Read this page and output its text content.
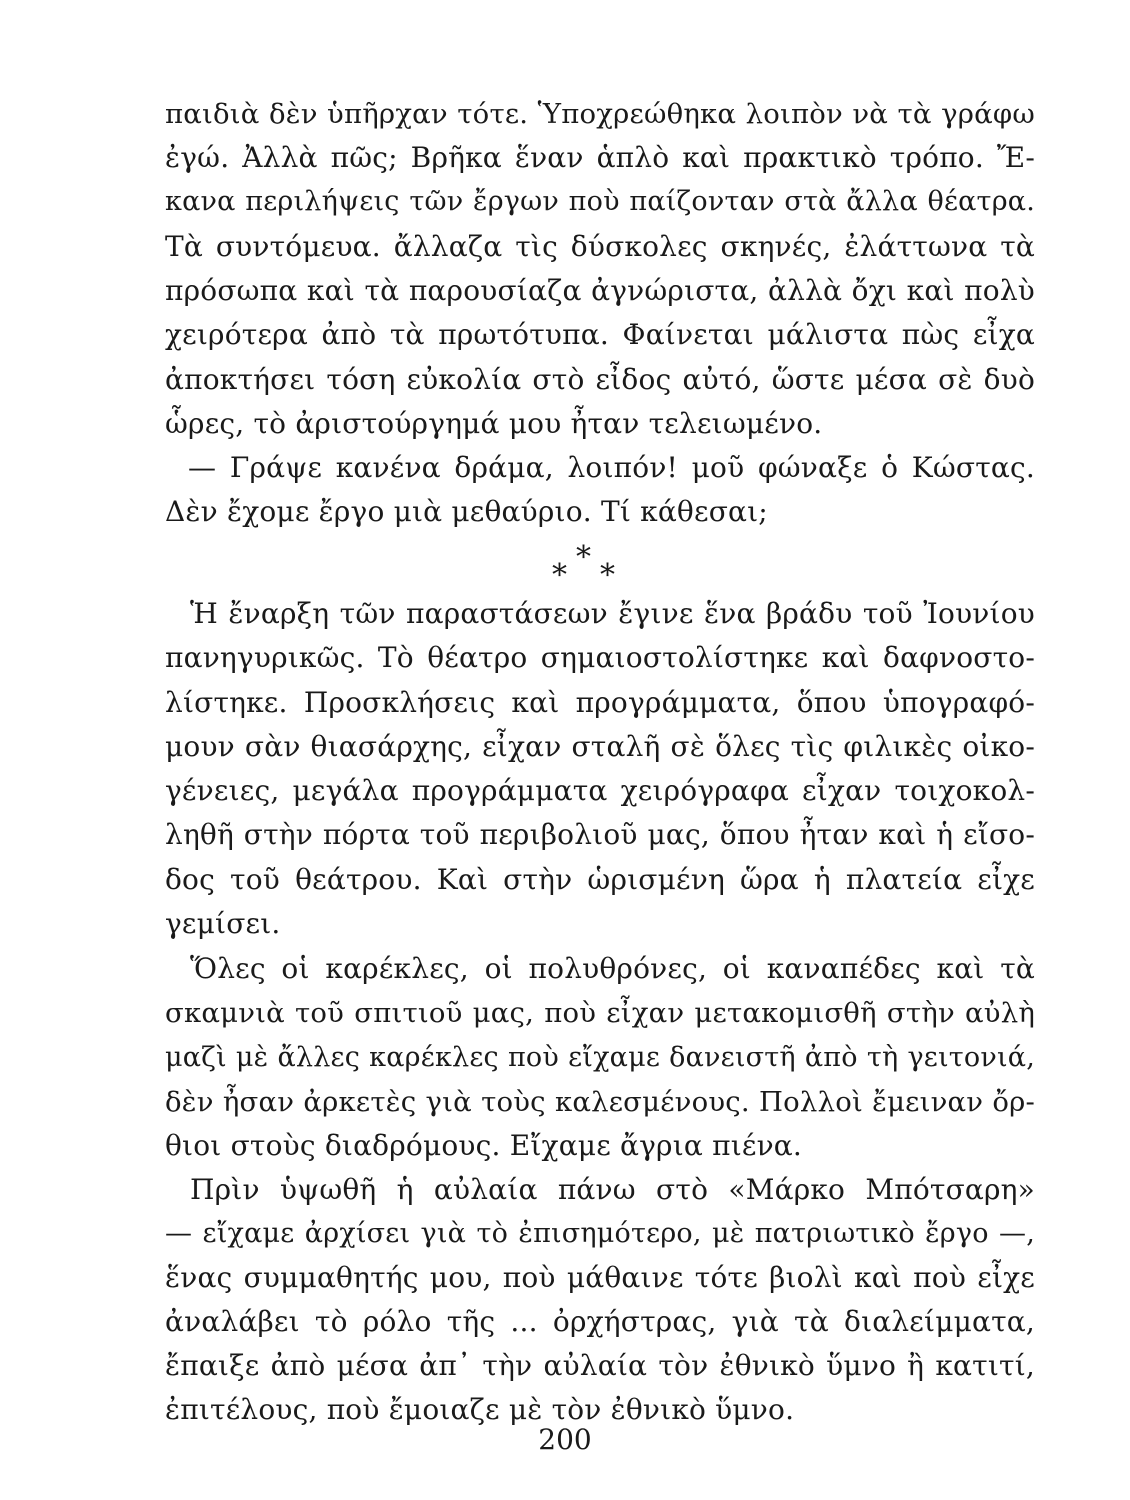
παιδιὰ δὲν ὑπῆρχαν τότε. Ὑποχρεώθηκα λοιπὸν νὰ τὰ γράφω
ἐγώ. Ἀλλὰ πῶς; Βρῆκα ἕναν ἁπλὸ καὶ πρακτικὸ τρόπο. Ἔ-
κανα περιλήψεις τῶν ἔργων ποὺ παίζονταν στὰ ἄλλα θέατρα.
Τὰ συντόμευα. ἄλλαζα τὶς δύσκολες σκηνές, ἐλάττωνα τὰ
πρόσωπα καὶ τὰ παρουσίαζα ἀγνώριστα, ἀλλὰ ὄχι καὶ πολὺ
χειρότερα ἀπὸ τὰ πρωτότυπα. Φαίνεται μάλιστα πὼς εἶχα
ἀποκτήσει τόση εὐκολία στὸ εἶδος αὐτό, ὥστε μέσα σὲ δυὸ
ὧρες, τὸ ἀριστούργημά μου ἦταν τελειωμένο.
— Γράψε κανένα δράμα, λοιπόν! μοῦ φώναξε ὁ Κώστας.
Δὲν ἔχομε ἔργο μιὰ μεθαύριο. Τί κάθεσαι;
*
* *
Ἡ ἔναρξη τῶν παραστάσεων ἔγινε ἕνα βράδυ τοῦ Ἰουνίου
πανηγυρικῶς. Τὸ θέατρο σημαιοστολίστηκε καὶ δαφνοστο-
λίστηκε. Προσκλήσεις καὶ προγράμματα, ὅπου ὑπογραφό-
μουν σὰν θιασάρχης, εἶχαν σταλῆ σὲ ὅλες τὶς φιλικὲς οἰκο-
γένειες, μεγάλα προγράμματα χειρόγραφα εἶχαν τοιχοκολ-
ληθῆ στὴν πόρτα τοῦ περιβολιοῦ μας, ὅπου ἦταν καὶ ἡ εἴσο-
δος τοῦ θεάτρου. Καὶ στὴν ὡρισμένη ὥρα ἡ πλατεία εἶχε
γεμίσει.
Ὅλες οἱ καρέκλες, οἱ πολυθρόνες, οἱ καναπέδες καὶ τὰ
σκαμνιὰ τοῦ σπιτιοῦ μας, ποὺ εἶχαν μετακομισθῆ στὴν αὐλὴ
μαζὶ μὲ ἄλλες καρέκλες ποὺ εἴχαμε δανειστῆ ἀπὸ τὴ γειτονιά,
δὲν ἦσαν ἀρκετὲς γιὰ τοὺς καλεσμένους. Πολλοὶ ἔμειναν ὄρ-
θιοι στοὺς διαδρόμους. Εἴχαμε ἄγρια πιένα.
Πρὶν ὑψωθῆ ἡ αὐλαία πάνω στὸ «Μάρκο Μπότσαρη»
— εἴχαμε ἀρχίσει γιὰ τὸ ἐπισημότερο, μὲ πατριωτικὸ ἔργο —,
ἕνας συμμαθητής μου, ποὺ μάθαινε τότε βιολὶ καὶ ποὺ εἶχε
ἀναλάβει τὸ ρόλο τῆς ... ὀρχήστρας, γιὰ τὰ διαλείμματα,
ἔπαιξε ἀπὸ μέσα ἀπ᾽ τὴν αὐλαία τὸν ἐθνικὸ ὕμνο ἢ κατιτί,
ἐπιτέλους, ποὺ ἔμοιαζε μὲ τὸν ἐθνικὸ ὕμνο.
200
